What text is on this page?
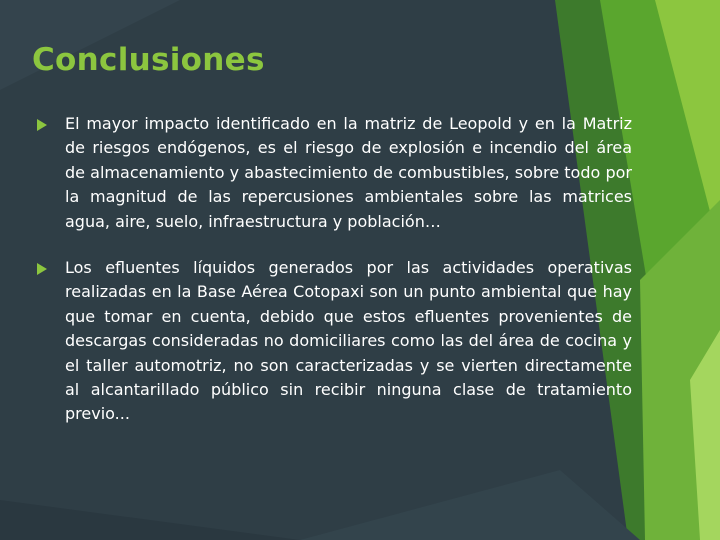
Conclusiones
El mayor impacto identificado en la matriz de Leopold y en la Matriz de riesgos endógenos, es el riesgo de explosión e incendio del área de almacenamiento y abastecimiento de combustibles, sobre todo por la magnitud de las repercusiones ambientales sobre las matrices agua, aire, suelo, infraestructura y población…
Los efluentes líquidos generados por las actividades operativas realizadas en la Base Aérea Cotopaxi son un punto ambiental que hay que tomar en cuenta, debido que estos efluentes provenientes de descargas consideradas no domiciliares como las del área de cocina y el taller automotriz, no son caracterizadas y se vierten directamente al alcantarillado público sin recibir ninguna clase de tratamiento previo...
